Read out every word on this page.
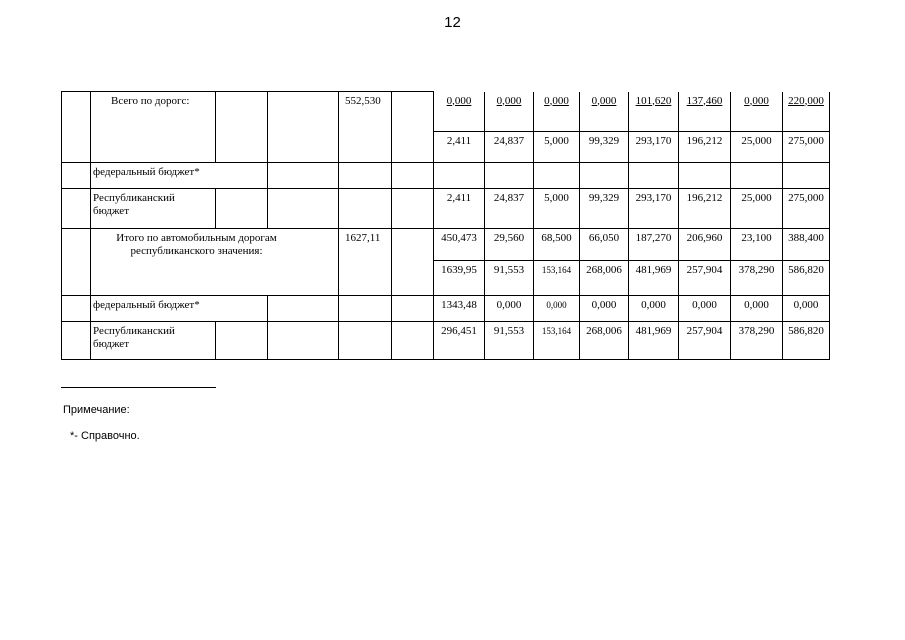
12
	Всего по дорогс:			552,530		0,000	0,000	0,000	0,000	101,620	137,460	0,000	220,000
						2,411	24,837	5,000	99,329	293,170	196,212	25,000	275,000
	федеральный бюджет*												
	Республиканский бюджет					2,411	24,837	5,000	99,329	293,170	196,212	25,000	275,000
	Итого по автомобильным дорогам республиканского значения:			1627,11		450,473	29,560	68,500	66,050	187,270	206,960	23,100	388,400
						1639,95	91,553	153,164	268,006	481,969	257,904	378,290	586,820
	федеральный бюджет*					1343,48	0,000	0,000	0,000	0,000	0,000	0,000	0,000
	Республиканский бюджет					296,451	91,553	153,164	268,006	481,969	257,904	378,290	586,820
Примечание:
*- Справочно.
